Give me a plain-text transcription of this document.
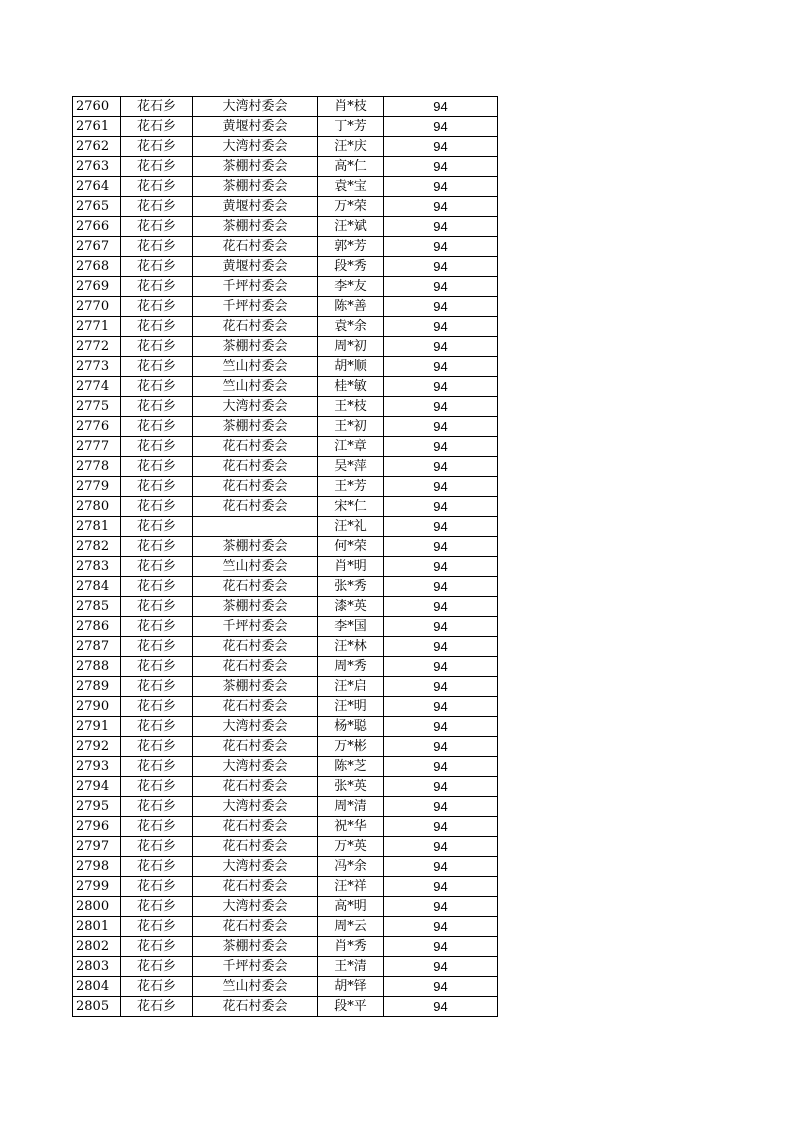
2760	花石乡	大湾村委会	肖*枝	94
2761	花石乡	黄堰村委会	丁*芳	94
2762	花石乡	大湾村委会	汪*庆	94
2763	花石乡	茶棚村委会	高*仁	94
2764	花石乡	茶棚村委会	袁*宝	94
2765	花石乡	黄堰村委会	万*荣	94
2766	花石乡	茶棚村委会	汪*斌	94
2767	花石乡	花石村委会	郭*芳	94
2768	花石乡	黄堰村委会	段*秀	94
2769	花石乡	千坪村委会	李*友	94
2770	花石乡	千坪村委会	陈*善	94
2771	花石乡	花石村委会	袁*余	94
2772	花石乡	茶棚村委会	周*初	94
2773	花石乡	竺山村委会	胡*顺	94
2774	花石乡	竺山村委会	桂*敏	94
2775	花石乡	大湾村委会	王*枝	94
2776	花石乡	茶棚村委会	王*初	94
2777	花石乡	花石村委会	江*章	94
2778	花石乡	花石村委会	吴*萍	94
2779	花石乡	花石村委会	王*芳	94
2780	花石乡	花石村委会	宋*仁	94
2781	花石乡		汪*礼	94
2782	花石乡	茶棚村委会	何*荣	94
2783	花石乡	竺山村委会	肖*明	94
2784	花石乡	花石村委会	张*秀	94
2785	花石乡	茶棚村委会	漆*英	94
2786	花石乡	千坪村委会	李*国	94
2787	花石乡	花石村委会	汪*林	94
2788	花石乡	花石村委会	周*秀	94
2789	花石乡	茶棚村委会	汪*启	94
2790	花石乡	花石村委会	汪*明	94
2791	花石乡	大湾村委会	杨*聪	94
2792	花石乡	花石村委会	万*彬	94
2793	花石乡	大湾村委会	陈*芝	94
2794	花石乡	花石村委会	张*英	94
2795	花石乡	大湾村委会	周*清	94
2796	花石乡	花石村委会	祝*华	94
2797	花石乡	花石村委会	万*英	94
2798	花石乡	大湾村委会	冯*余	94
2799	花石乡	花石村委会	汪*祥	94
2800	花石乡	大湾村委会	高*明	94
2801	花石乡	花石村委会	周*云	94
2802	花石乡	茶棚村委会	肖*秀	94
2803	花石乡	千坪村委会	王*清	94
2804	花石乡	竺山村委会	胡*铎	94
2805	花石乡	花石村委会	段*平	94
